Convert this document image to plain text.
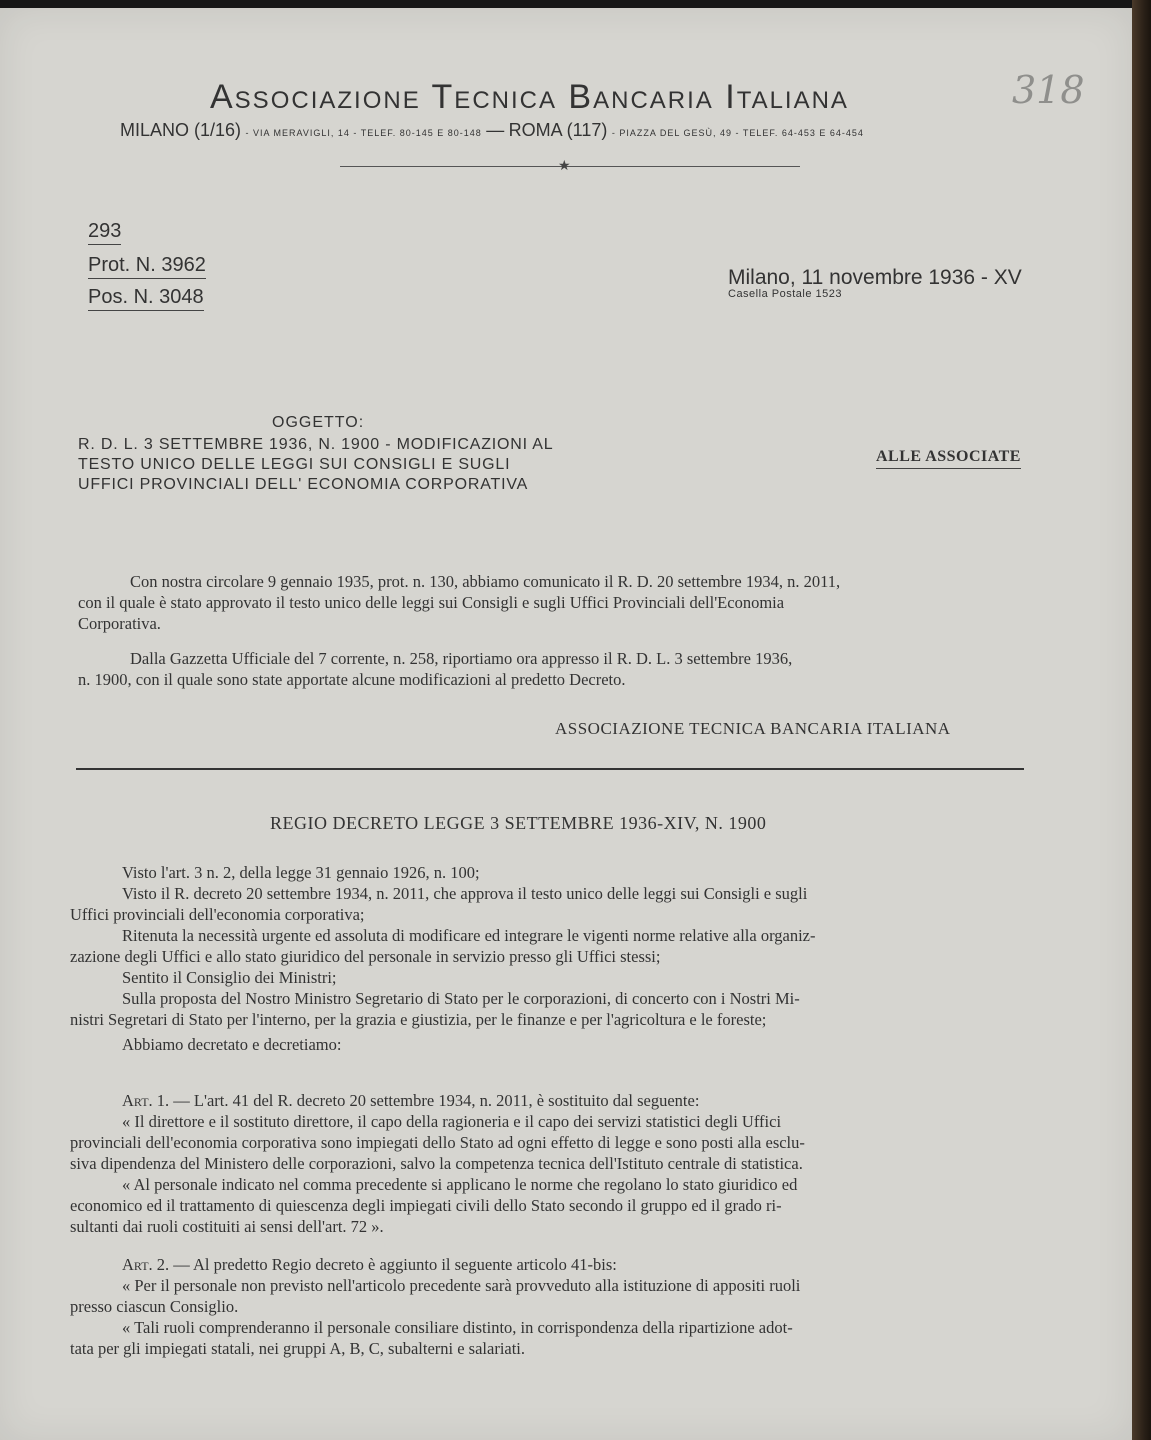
Associazione Tecnica Bancaria Italiana
MILANO (1/16) - VIA MERAVIGLI, 14 - TELEF. 80-145 E 80-148 — ROMA (117) - PIAZZA DEL GESÙ, 49 - TELEF. 64-453 E 64-454
★
318
293
Prot. N. 3962
Pos. N. 3048
Milano, 11 novembre 1936 - XV
Casella Postale 1523
OGGETTO:
R. D. L. 3 SETTEMBRE 1936, N. 1900 - MODIFICAZIONI AL
TESTO UNICO DELLE LEGGI SUI CONSIGLI E SUGLI
UFFICI PROVINCIALI DELL' ECONOMIA CORPORATIVA
ALLE ASSOCIATE
Con nostra circolare 9 gennaio 1935, prot. n. 130, abbiamo comunicato il R. D. 20 settembre 1934, n. 2011,
con il quale è stato approvato il testo unico delle leggi sui Consigli e sugli Uffici Provinciali dell'Economia
Corporativa.
Dalla Gazzetta Ufficiale del 7 corrente, n. 258, riportiamo ora appresso il R. D. L. 3 settembre 1936,
n. 1900, con il quale sono state apportate alcune modificazioni al predetto Decreto.
ASSOCIAZIONE TECNICA BANCARIA ITALIANA
REGIO DECRETO LEGGE 3 SETTEMBRE 1936-XIV, N. 1900
Visto l'art. 3 n. 2, della legge 31 gennaio 1926, n. 100;
Visto il R. decreto 20 settembre 1934, n. 2011, che approva il testo unico delle leggi sui Consigli e sugli
Uffici provinciali dell'economia corporativa;
Ritenuta la necessità urgente ed assoluta di modificare ed integrare le vigenti norme relative alla organiz-
zazione degli Uffici e allo stato giuridico del personale in servizio presso gli Uffici stessi;
Sentito il Consiglio dei Ministri;
Sulla proposta del Nostro Ministro Segretario di Stato per le corporazioni, di concerto con i Nostri Mi-
nistri Segretari di Stato per l'interno, per la grazia e giustizia, per le finanze e per l'agricoltura e le foreste;
Abbiamo decretato e decretiamo:
Art. 1. — L'art. 41 del R. decreto 20 settembre 1934, n. 2011, è sostituito dal seguente:
« Il direttore e il sostituto direttore, il capo della ragioneria e il capo dei servizi statistici degli Uffici
provinciali dell'economia corporativa sono impiegati dello Stato ad ogni effetto di legge e sono posti alla esclu-
siva dipendenza del Ministero delle corporazioni, salvo la competenza tecnica dell'Istituto centrale di statistica.
« Al personale indicato nel comma precedente si applicano le norme che regolano lo stato giuridico ed
economico ed il trattamento di quiescenza degli impiegati civili dello Stato secondo il gruppo ed il grado ri-
sultanti dai ruoli costituiti ai sensi dell'art. 72 ».
Art. 2. — Al predetto Regio decreto è aggiunto il seguente articolo 41-bis:
« Per il personale non previsto nell'articolo precedente sarà provveduto alla istituzione di appositi ruoli
presso ciascun Consiglio.
« Tali ruoli comprenderanno il personale consiliare distinto, in corrispondenza della ripartizione adot-
tata per gli impiegati statali, nei gruppi A, B, C, subalterni e salariati.
